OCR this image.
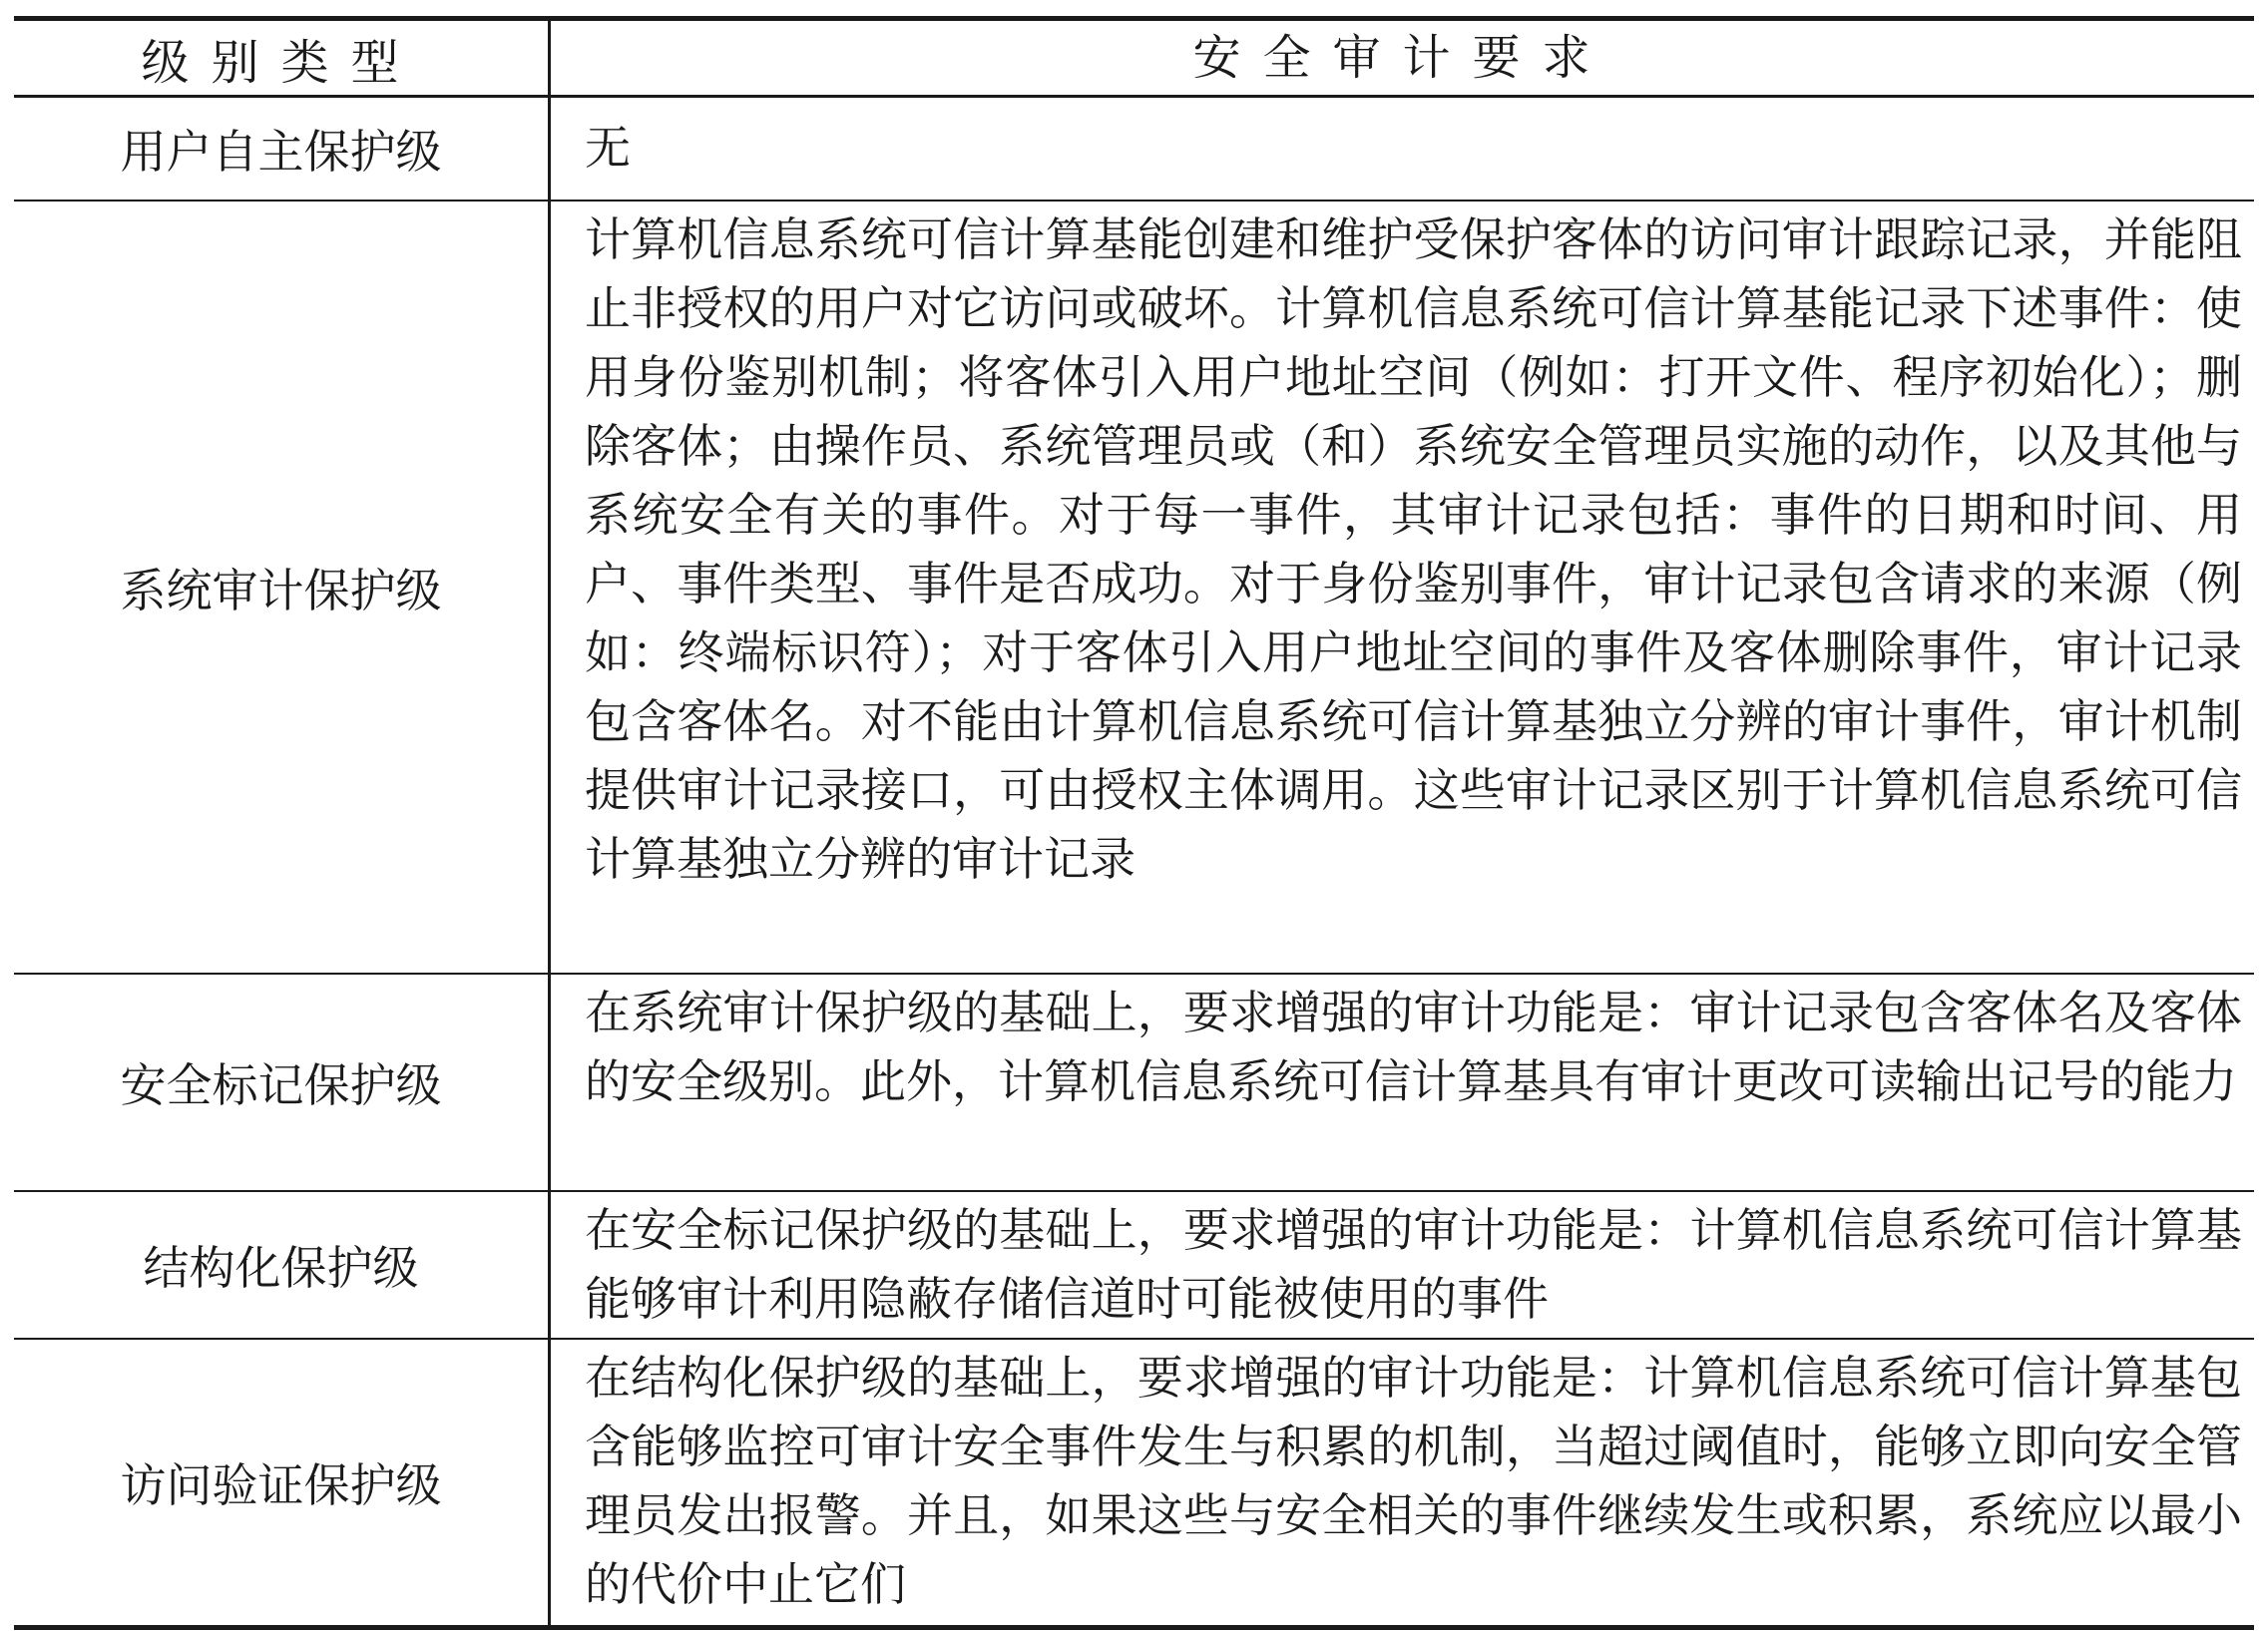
级别类型	安全审计要求
用户自主保护级	无
系统审计保护级
计算机信息系统可信计算基能创建和维护受保护客体的访问审计跟踪记录，并能阻止非授权的用户对它访问或破坏。计算机信息系统可信计算基能记录下述事件：使用身份鉴别机制；将客体引入用户地址空间（例如：打开文件、程序初始化）；删除客体；由操作员、系统管理员或（和）系统安全管理员实施的动作，以及其他与系统安全有关的事件。对于每一事件，其审计记录包括：事件的日期和时间、用户、事件类型、事件是否成功。对于身份鉴别事件，审计记录包含请求的来源（例如：终端标识符）；对于客体引入用户地址空间的事件及客体删除事件，审计记录包含客体名。对不能由计算机信息系统可信计算基独立分辨的审计事件，审计机制提供审计记录接口，可由授权主体调用。这些审计记录区别于计算机信息系统可信计算基独立分辨的审计记录
安全标记保护级
在系统审计保护级的基础上，要求增强的审计功能是：审计记录包含客体名及客体的安全级别。此外，计算机信息系统可信计算基具有审计更改可读输出记号的能力
结构化保护级
在安全标记保护级的基础上，要求增强的审计功能是：计算机信息系统可信计算基能够审计利用隐蔽存储信道时可能被使用的事件
访问验证保护级
在结构化保护级的基础上，要求增强的审计功能是：计算机信息系统可信计算基包含能够监控可审计安全事件发生与积累的机制，当超过阈值时，能够立即向安全管理员发出报警。并且，如果这些与安全相关的事件继续发生或积累，系统应以最小的代价中止它们
